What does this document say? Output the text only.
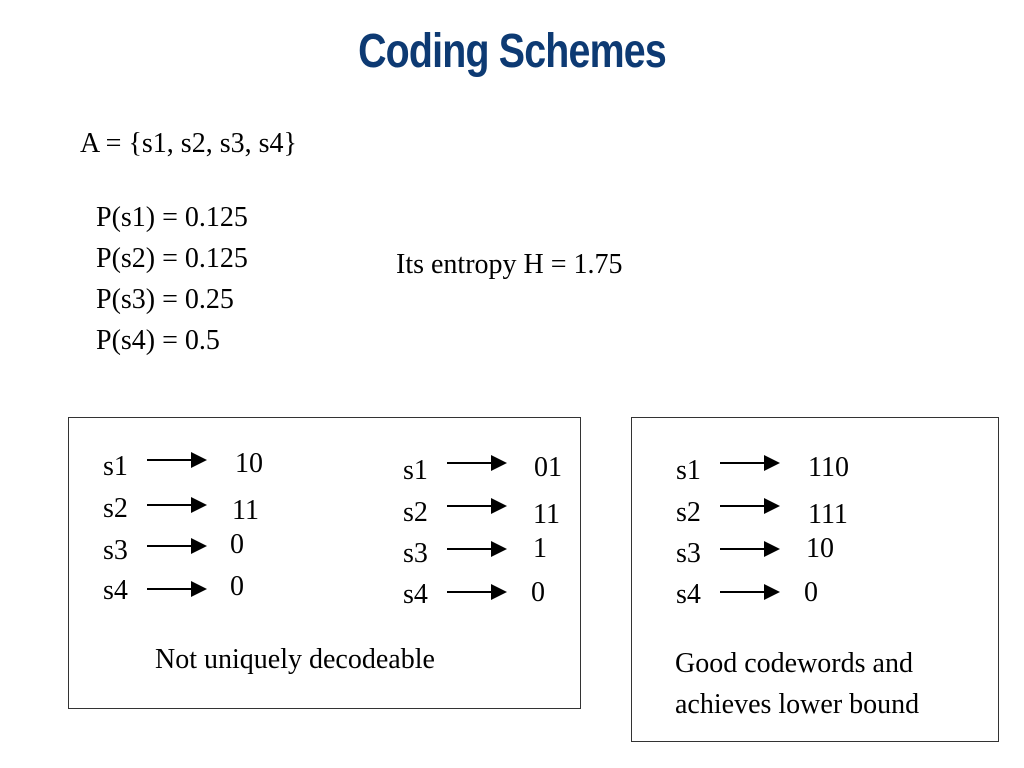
Coding Schemes
A = {s1, s2, s3, s4}
P(s1) = 0.125
P(s2) = 0.125
P(s3) = 0.25
P(s4) = 0.5
Its entropy H = 1.75
s1
s2
s3
s4
10
11
0
0
s1
s2
s3
s4
01
11
1
0
Not uniquely decodeable
s1
s2
s3
s4
110
111
10
0
Good codewords and
achieves lower bound
